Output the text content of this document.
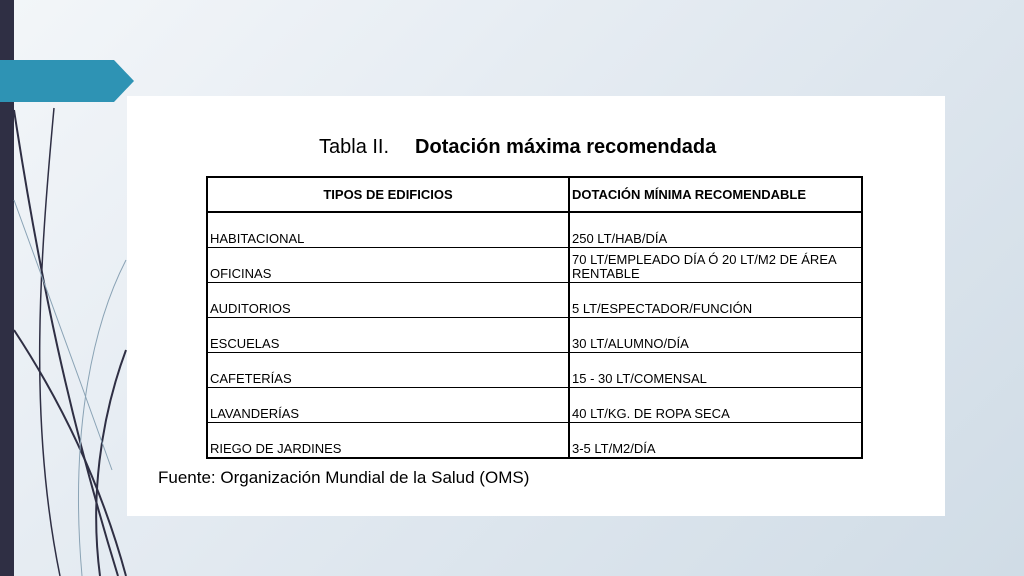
Tabla II. Dotación máxima recomendada
TIPOS DE EDIFICIOS	DOTACIÓN MÍNIMA RECOMENDABLE
HABITACIONAL	250 LT/HAB/DÍA
OFICINAS	70 LT/EMPLEADO DÍA Ó 20 LT/M2 DE ÁREA RENTABLE
AUDITORIOS	5 LT/ESPECTADOR/FUNCIÓN
ESCUELAS	30 LT/ALUMNO/DÍA
CAFETERÍAS	15 - 30 LT/COMENSAL
LAVANDERÍAS	40 LT/KG. DE ROPA SECA
RIEGO DE JARDINES	3-5 LT/M2/DÍA
Fuente: Organización Mundial de la Salud (OMS)
